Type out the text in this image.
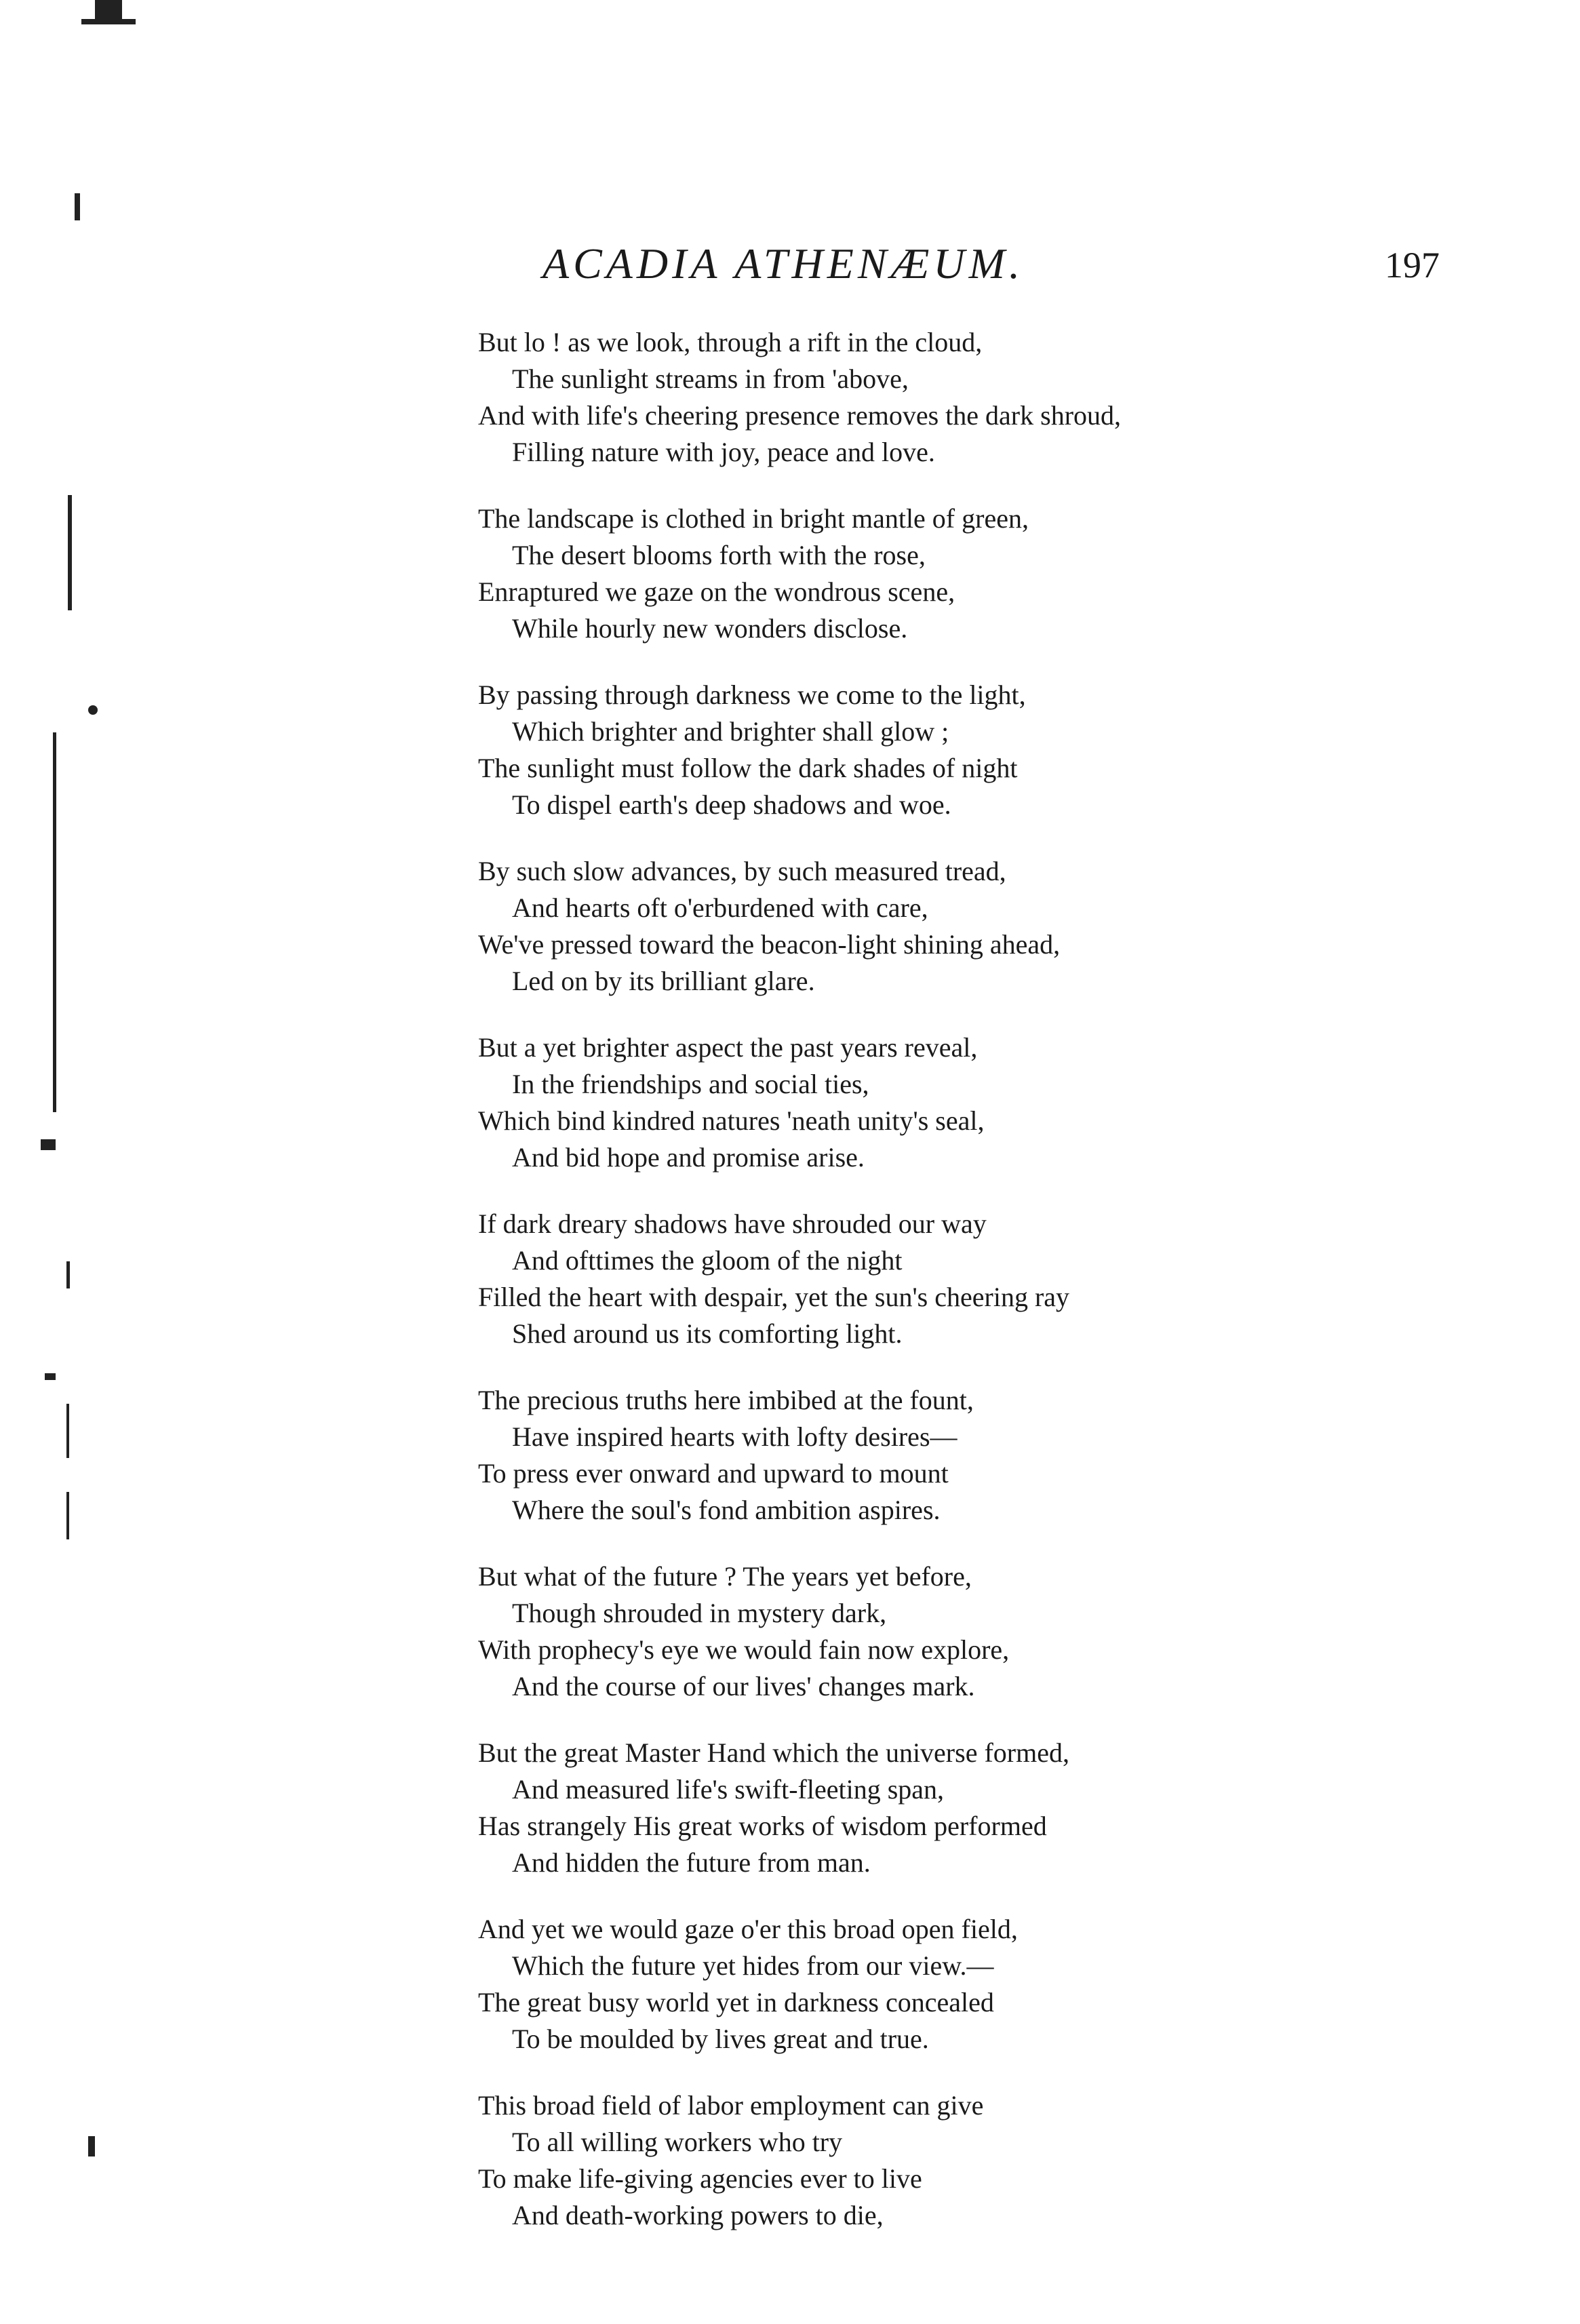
ACADIA ATHENÆUM.	197
But lo ! as we look, through a rift in the cloud,
The sunlight streams in from 'above,
And with life's cheering presence removes the dark shroud,
Filling nature with joy, peace and love.
The landscape is clothed in bright mantle of green,
The desert blooms forth with the rose,
Enraptured we gaze on the wondrous scene,
While hourly new wonders disclose.
By passing through darkness we come to the light,
Which brighter and brighter shall glow ;
The sunlight must follow the dark shades of night
To dispel earth's deep shadows and woe.
By such slow advances, by such measured tread,
And hearts oft o'erburdened with care,
We've pressed toward the beacon-light shining ahead,
Led on by its brilliant glare.
But a yet brighter aspect the past years reveal,
In the friendships and social ties,
Which bind kindred natures 'neath unity's seal,
And bid hope and promise arise.
If dark dreary shadows have shrouded our way
And ofttimes the gloom of the night
Filled the heart with despair, yet the sun's cheering ray
Shed around us its comforting light.
The precious truths here imbibed at the fount,
Have inspired hearts with lofty desires—
To press ever onward and upward to mount
Where the soul's fond ambition aspires.
But what of the future ? The years yet before,
Though shrouded in mystery dark,
With prophecy's eye we would fain now explore,
And the course of our lives' changes mark.
But the great Master Hand which the universe formed,
And measured life's swift-fleeting span,
Has strangely His great works of wisdom performed
And hidden the future from man.
And yet we would gaze o'er this broad open field,
Which the future yet hides from our view.—
The great busy world yet in darkness concealed
To be moulded by lives great and true.
This broad field of labor employment can give
To all willing workers who try
To make life-giving agencies ever to live
And death-working powers to die,
